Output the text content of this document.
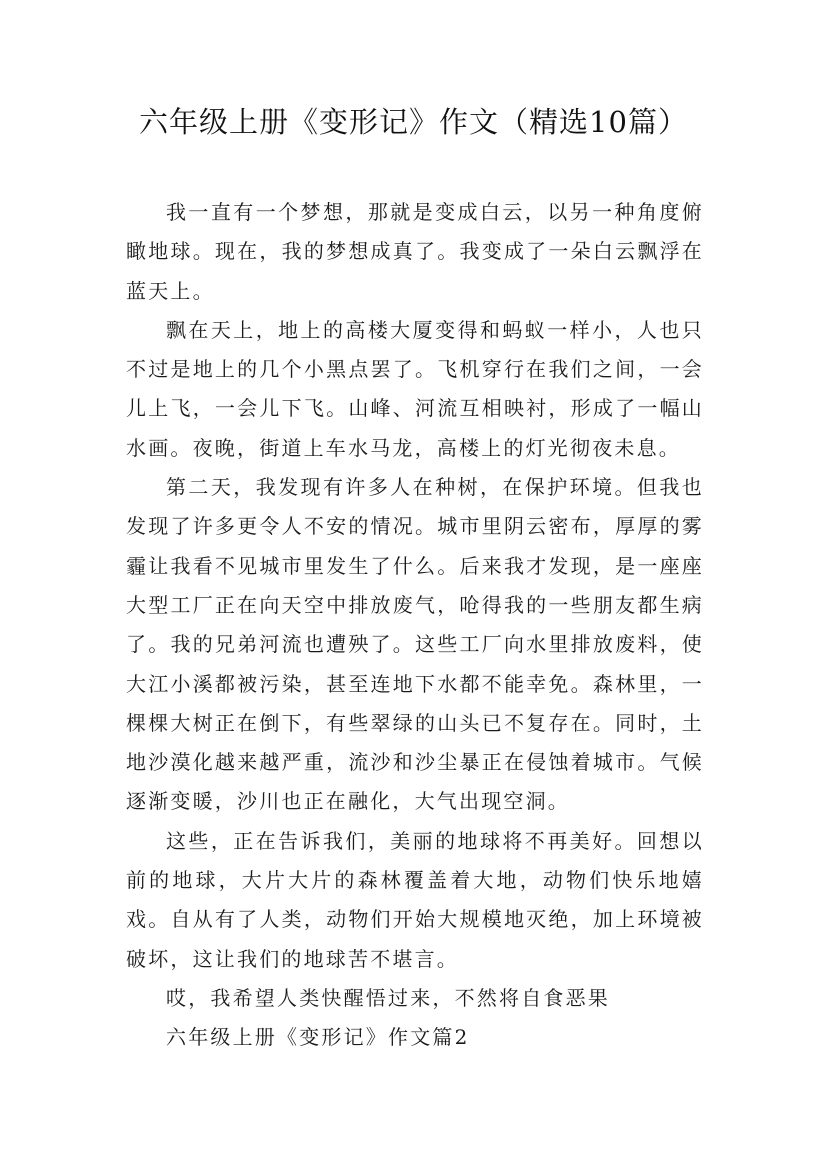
六年级上册《变形记》作文（精选10篇）

我一直有一个梦想，那就是变成白云，以另一种角度俯瞰地球。现在，我的梦想成真了。我变成了一朵白云飘浮在蓝天上。

飘在天上，地上的高楼大厦变得和蚂蚁一样小，人也只不过是地上的几个小黑点罢了。飞机穿行在我们之间，一会儿上飞，一会儿下飞。山峰、河流互相映衬，形成了一幅山水画。夜晚，街道上车水马龙，高楼上的灯光彻夜未息。

第二天，我发现有许多人在种树，在保护环境。但我也发现了许多更令人不安的情况。城市里阴云密布，厚厚的雾霾让我看不见城市里发生了什么。后来我才发现，是一座座大型工厂正在向天空中排放废气，呛得我的一些朋友都生病了。我的兄弟河流也遭殃了。这些工厂向水里排放废料，使大江小溪都被污染，甚至连地下水都不能幸免。森林里，一棵棵大树正在倒下，有些翠绿的山头已不复存在。同时，土地沙漠化越来越严重，流沙和沙尘暴正在侵蚀着城市。气候逐渐变暖，沙川也正在融化，大气出现空洞。

这些，正在告诉我们，美丽的地球将不再美好。回想以前的地球，大片大片的森林覆盖着大地，动物们快乐地嬉戏。自从有了人类，动物们开始大规模地灭绝，加上环境被破坏，这让我们的地球苦不堪言。

哎，我希望人类快醒悟过来，不然将自食恶果

六年级上册《变形记》作文篇2
